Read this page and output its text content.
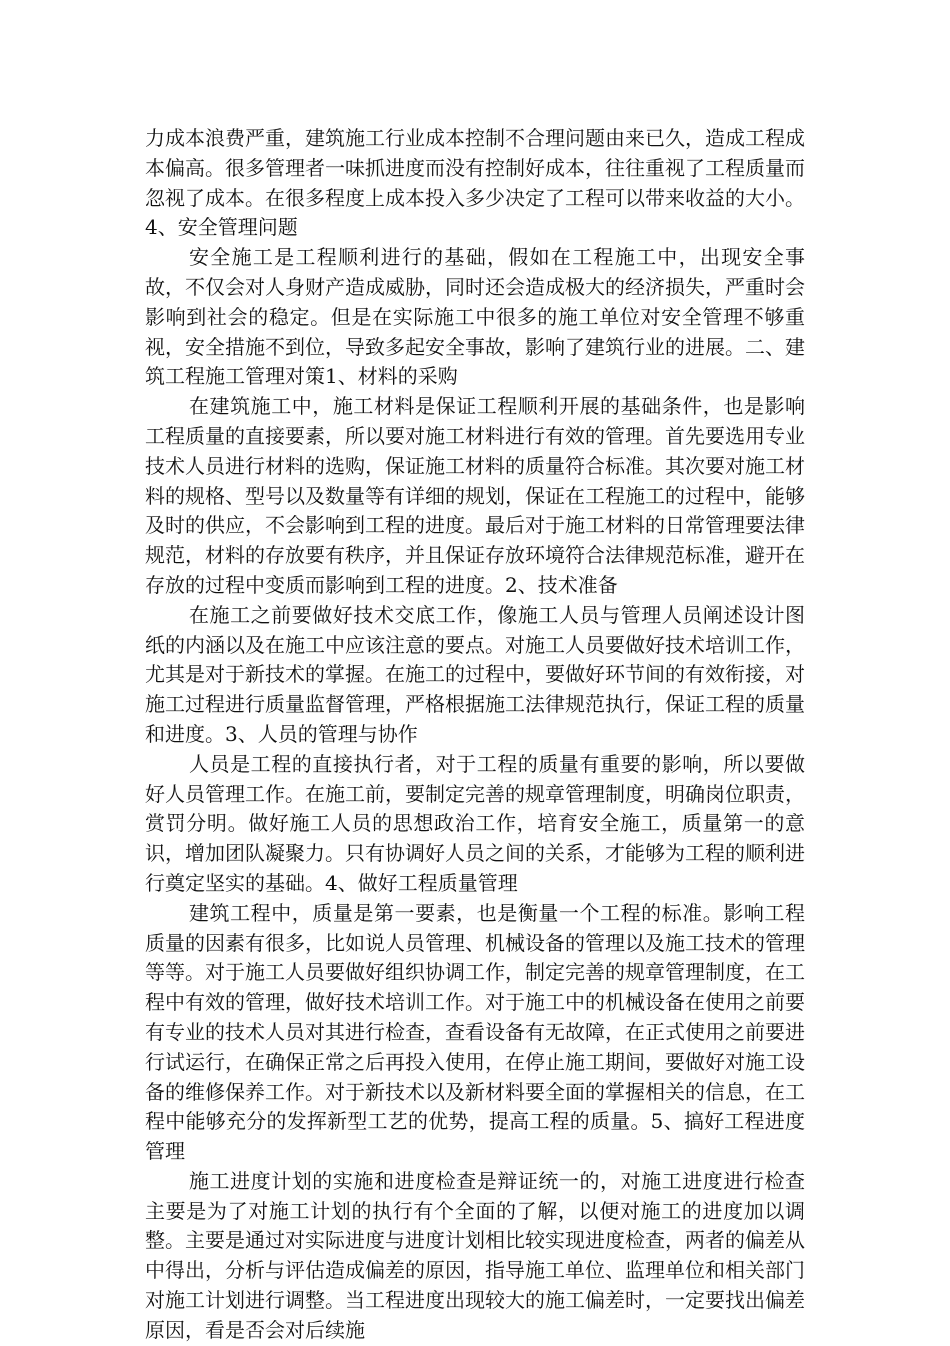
力成本浪费严重，建筑施工行业成本控制不合理问题由来已久，造成工程成本偏高。很多管理者一味抓进度而没有控制好成本，往往重视了工程质量而忽视了成本。在很多程度上成本投入多少决定了工程可以带来收益的大小。4、安全管理问题

安全施工是工程顺利进行的基础，假如在工程施工中，出现安全事故，不仅会对人身财产造成威胁，同时还会造成极大的经济损失，严重时会影响到社会的稳定。但是在实际施工中很多的施工单位对安全管理不够重视，安全措施不到位，导致多起安全事故，影响了建筑行业的进展。二、建筑工程施工管理对策1、材料的采购

在建筑施工中，施工材料是保证工程顺利开展的基础条件，也是影响工程质量的直接要素，所以要对施工材料进行有效的管理。首先要选用专业技术人员进行材料的选购，保证施工材料的质量符合标准。其次要对施工材料的规格、型号以及数量等有详细的规划，保证在工程施工的过程中，能够及时的供应，不会影响到工程的进度。最后对于施工材料的日常管理要法律规范，材料的存放要有秩序，并且保证存放环境符合法律规范标准，避开在存放的过程中变质而影响到工程的进度。2、技术准备

在施工之前要做好技术交底工作，像施工人员与管理人员阐述设计图纸的内涵以及在施工中应该注意的要点。对施工人员要做好技术培训工作，尤其是对于新技术的掌握。在施工的过程中，要做好环节间的有效衔接，对施工过程进行质量监督管理，严格根据施工法律规范执行，保证工程的质量和进度。3、人员的管理与协作

人员是工程的直接执行者，对于工程的质量有重要的影响，所以要做好人员管理工作。在施工前，要制定完善的规章管理制度，明确岗位职责，赏罚分明。做好施工人员的思想政治工作，培育安全施工，质量第一的意识，增加团队凝聚力。只有协调好人员之间的关系，才能够为工程的顺利进行奠定坚实的基础。4、做好工程质量管理

建筑工程中，质量是第一要素，也是衡量一个工程的标准。影响工程质量的因素有很多，比如说人员管理、机械设备的管理以及施工技术的管理等等。对于施工人员要做好组织协调工作，制定完善的规章管理制度，在工程中有效的管理，做好技术培训工作。对于施工中的机械设备在使用之前要有专业的技术人员对其进行检查，查看设备有无故障，在正式使用之前要进行试运行，在确保正常之后再投入使用，在停止施工期间，要做好对施工设备的维修保养工作。对于新技术以及新材料要全面的掌握相关的信息，在工程中能够充分的发挥新型工艺的优势，提高工程的质量。5、搞好工程进度管理

施工进度计划的实施和进度检查是辩证统一的，对施工进度进行检查主要是为了对施工计划的执行有个全面的了解，以便对施工的进度加以调整。主要是通过对实际进度与进度计划相比较实现进度检查，两者的偏差从中得出，分析与评估造成偏差的原因，指导施工单位、监理单位和相关部门对施工计划进行调整。当工程进度出现较大的施工偏差时，一定要找出偏差原因，看是否会对后续施
